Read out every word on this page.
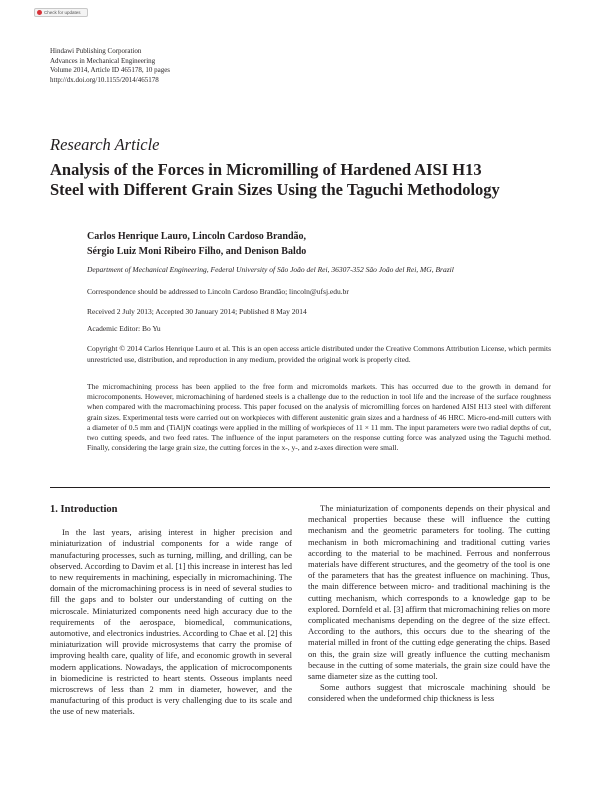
Check for updates
Hindawi Publishing Corporation
Advances in Mechanical Engineering
Volume 2014, Article ID 465178, 10 pages
http://dx.doi.org/10.1155/2014/465178
Research Article
Analysis of the Forces in Micromilling of Hardened AISI H13
Steel with Different Grain Sizes Using the Taguchi Methodology
Carlos Henrique Lauro, Lincoln Cardoso Brandão,
Sérgio Luiz Moni Ribeiro Filho, and Denison Baldo
Department of Mechanical Engineering, Federal University of São João del Rei, 36307-352 São João del Rei, MG, Brazil
Correspondence should be addressed to Lincoln Cardoso Brandão; lincoln@ufsj.edu.br
Received 2 July 2013; Accepted 30 January 2014; Published 8 May 2014
Academic Editor: Bo Yu
Copyright © 2014 Carlos Henrique Lauro et al. This is an open access article distributed under the Creative Commons Attribution License, which permits unrestricted use, distribution, and reproduction in any medium, provided the original work is properly cited.
The micromachining process has been applied to the free form and micromolds markets. This has occurred due to the growth in demand for microcomponents. However, micromachining of hardened steels is a challenge due to the reduction in tool life and the increase of the surface roughness when compared with the macromachining process. This paper focused on the analysis of micromilling forces on hardened AISI H13 steel with different grain sizes. Experimental tests were carried out on workpieces with different austenitic grain sizes and a hardness of 46 HRC. Micro-end-mill cutters with a diameter of 0.5 mm and (TiAl)N coatings were applied in the milling of workpieces of 11 × 11 mm. The input parameters were two radial depths of cut, two cutting speeds, and two feed rates. The influence of the input parameters on the response cutting force was analyzed using the Taguchi method. Finally, considering the large grain size, the cutting forces in the x-, y-, and z-axes direction were small.
1. Introduction
In the last years, arising interest in higher precision and miniaturization of industrial components for a wide range of manufacturing processes, such as turning, milling, and drilling, can be observed. According to Davim et al. [1] this increase in interest has led to new requirements in machining, especially in micromachining. The domain of the micromachining process is in need of several studies to fill the gaps and to bolster our understanding of cutting on the microscale. Miniaturized components need high accuracy due to the requirements of the aerospace, biomedical, communications, automotive, and electronics industries. According to Chae et al. [2] this miniaturization will provide microsystems that carry the promise of improving health care, quality of life, and economic growth in several modern applications. Nowadays, the application of microcomponents in biomedicine is restricted to heart stents. Osseous implants need microscrews of less than 2 mm in diameter, however, and the manufacturing of this product is very challenging due to its scale and the use of new materials.
The miniaturization of components depends on their physical and mechanical properties because these will influence the cutting mechanism and the geometric parameters for tooling. The cutting mechanism in both micromachining and traditional cutting varies according to the material to be machined. Ferrous and nonferrous materials have different structures, and the geometry of the tool is one of the parameters that has the greatest influence on machining. Thus, the main difference between micro- and traditional machining is the cutting mechanism, which corresponds to a knowledge gap to be explored. Dornfeld et al. [3] affirm that micromachining relies on more complicated mechanisms depending on the degree of the size effect. According to the authors, this occurs due to the shearing of the material milled in front of the cutting edge generating the chips. Based on this, the grain size will greatly influence the cutting mechanism because in the cutting of some materials, the grain size could have the same diameter size as the cutting tool.
Some authors suggest that microscale machining should be considered when the undeformed chip thickness is less
